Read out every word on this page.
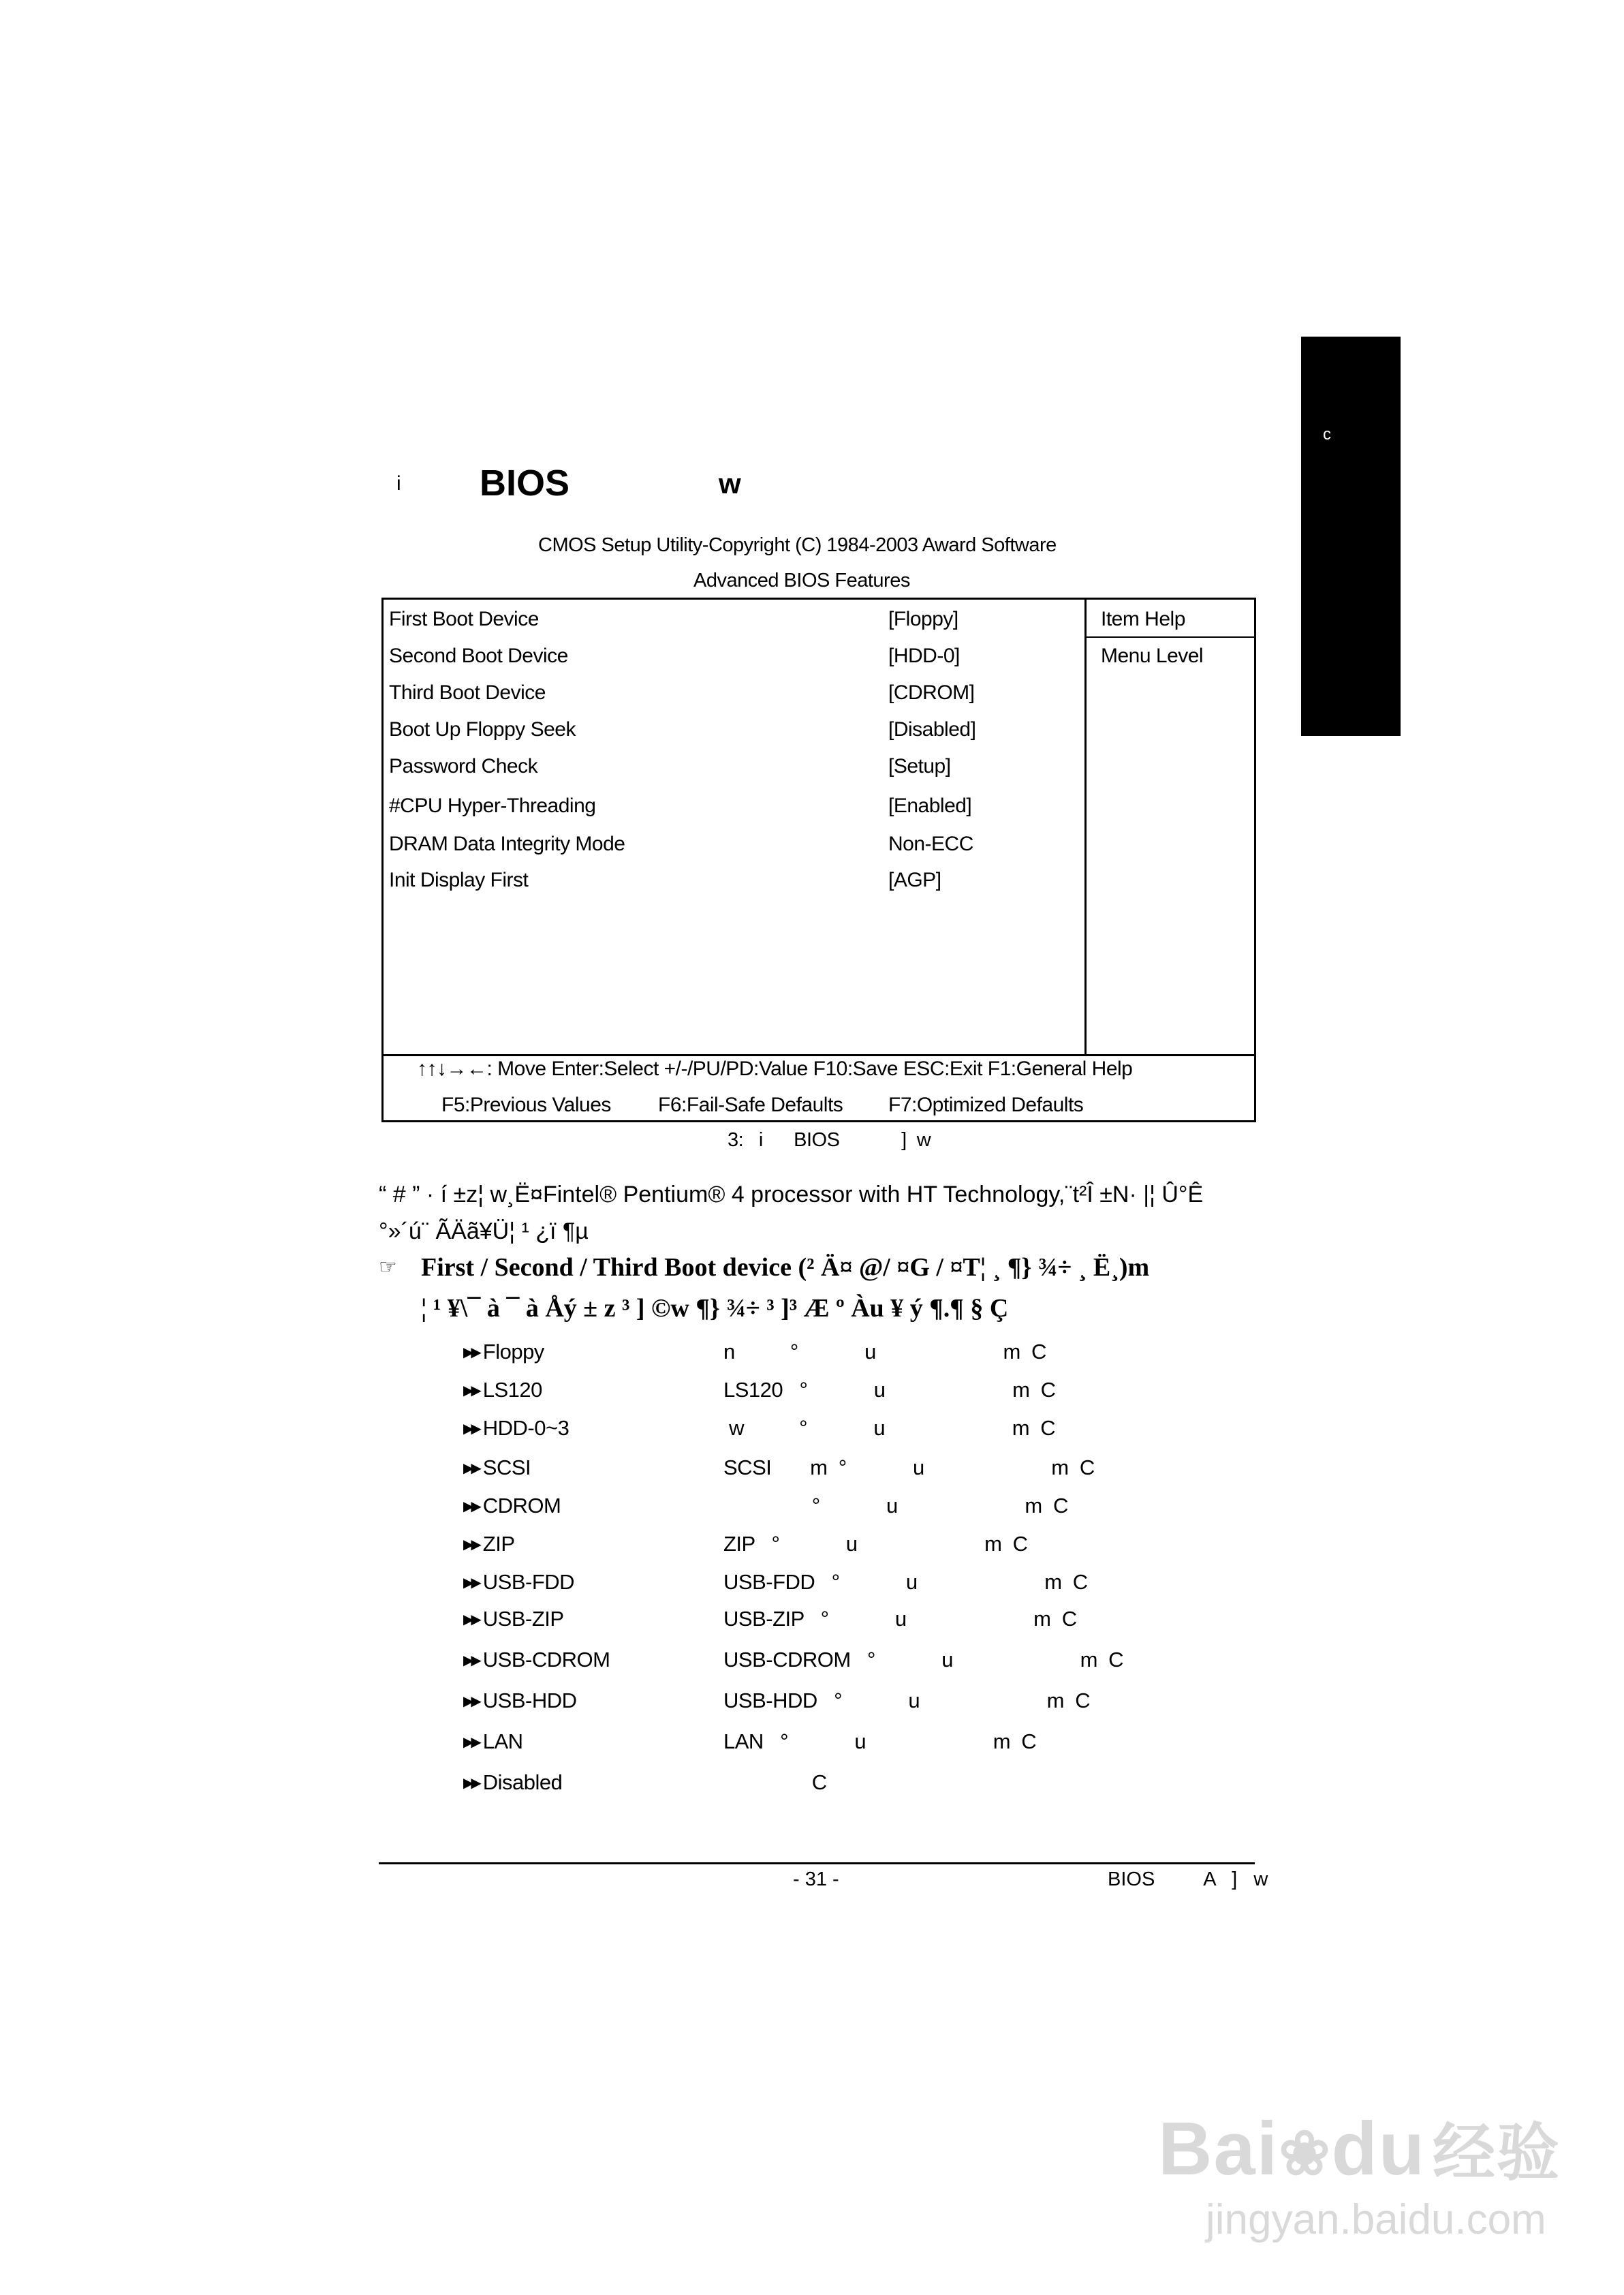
c
i BIOS	w
CMOS Setup Utility-Copyright (C) 1984-2003 Award Software
Advanced BIOS Features
First Boot Device	[Floppy]
Second Boot Device	[HDD-0]
Third Boot Device	[CDROM]
Boot Up Floppy Seek	[Disabled]
Password Check	[Setup]
#CPU Hyper-Threading	[Enabled]
DRAM Data Integrity Mode	Non-ECC
Init Display First	[AGP]
Item Help
Menu Level
↑↑↓→←: Move Enter:Select +/-/PU/PD:Value F10:Save ESC:Exit F1:General Help
F5:Previous Values F6:Fail-Safe Defaults F7:Optimized Defaults
3:   i      BIOS            ]  w
“ # ” · í ±z¦ w¸Ë¤Fintel® Pentium® 4 processor with HT Technology,¨t²Î ±N· |¦ Û°Ê
°»´ú¨ ÃÄã¥Ü¦ ¹ ¿ï ¶µ
☞ First / Second / Third Boot device (² Ä¤ @/ ¤G / ¤T¦ ¸ ¶} ¾÷ ¸ Ë¸)m
¦ ¹ ¥\¯ à ¯ à Åý ± z ³ ] ©w ¶} ¾÷ ³ ]³ Æ º Àu ¥ ý ¶.¶ § Ç
▶▶ Floppy	n          °            u                       m  C
▶▶ LS120	LS120   °            u                       m  C
▶▶ HDD-0~3	w          °            u                       m  C
▶▶ SCSI	SCSI       m  °            u                       m  C
▶▶ CDROM	°            u                       m  C
▶▶ ZIP	ZIP   °            u                       m  C
▶▶ USB-FDD	USB-FDD   °            u                       m  C
▶▶ USB-ZIP	USB-ZIP   °            u                       m  C
▶▶ USB-CDROM	USB-CDROM   °            u                       m  C
▶▶ USB-HDD	USB-HDD   °            u                       m  C
▶▶ LAN	LAN   °            u                       m  C
▶▶ Disabled	C
- 31 -	BIOS         A   ]   w
Bai❀du 经验
jingyan.baidu.com
